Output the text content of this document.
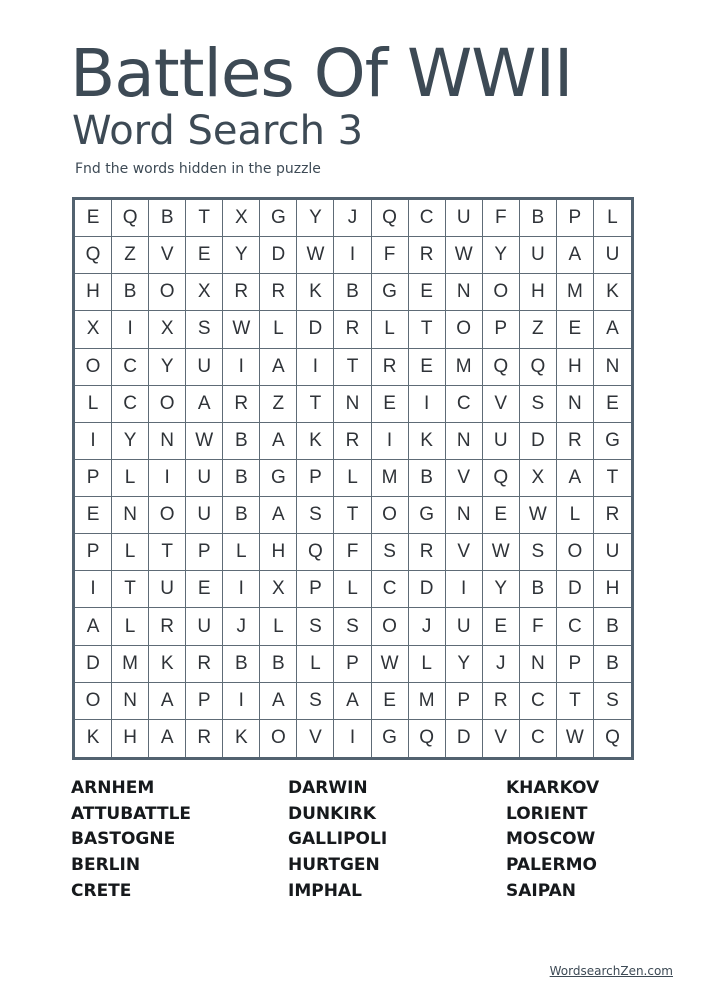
Battles Of WWII
Word Search 3

Fnd the words hidden in the puzzle

E	Q	B	T	X	G	Y	J	Q	C	U	F	B	P	L
Q	Z	V	E	Y	D	W	I	F	R	W	Y	U	A	U
H	B	O	X	R	R	K	B	G	E	N	O	H	M	K
X	I	X	S	W	L	D	R	L	T	O	P	Z	E	A
O	C	Y	U	I	A	I	T	R	E	M	Q	Q	H	N
L	C	O	A	R	Z	T	N	E	I	C	V	S	N	E
I	Y	N	W	B	A	K	R	I	K	N	U	D	R	G
P	L	I	U	B	G	P	L	M	B	V	Q	X	A	T
E	N	O	U	B	A	S	T	O	G	N	E	W	L	R
P	L	T	P	L	H	Q	F	S	R	V	W	S	O	U
I	T	U	E	I	X	P	L	C	D	I	Y	B	D	H
A	L	R	U	J	L	S	S	O	J	U	E	F	C	B
D	M	K	R	B	B	L	P	W	L	Y	J	N	P	B
O	N	A	P	I	A	S	A	E	M	P	R	C	T	S
K	H	A	R	K	O	V	I	G	Q	D	V	C	W	Q
ARNHEM
ATTUBATTLE
BASTOGNE
BERLIN
CRETE
DARWIN
DUNKIRK
GALLIPOLI
HURTGEN
IMPHAL
KHARKOV
LORIENT
MOSCOW
PALERMO
SAIPAN
WordsearchZen.com
